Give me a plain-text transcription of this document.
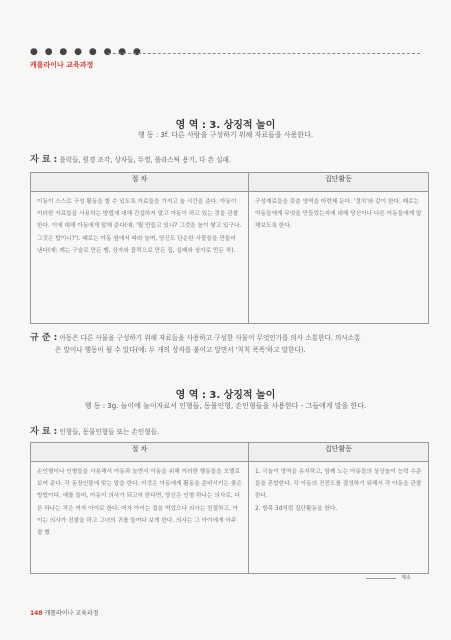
● ● ● ● ● ● ● ●
캐롤라이나 교육과정
영 역 : 3. 상징적 놀이
행 동 : 3f. 다른 사람을 구성하기 위해 자료들을 사용한다.
자 료 : 블럭들, 원경 조각, 상자들, 두껑, 플라스틱 용기, 다 쓴 실패.
절 차	집단활동
이동이 스스로 구성 활동을 할 수 있도록 자료들을 가지고 놀 시간을 준다. 아동이 이러한 자료들을 사용하는 방법에 대해 간섭하지 말고 아동이 하고 있는 것을 관찰한다. 이에 대해 아동에게 말해 준다(예: '뭘 만들고 있니? 그것을 높이 쌓고 있구나. 그것은 탑이니?'). 때로는 아동 옆에서 따라 놀며, 당신도 단순한 사물들을 만들어 낸다(예: 캐는 구슬로 만든 뱀, 상자와 블럭으로 만든 집, 실패와 상자로 만든 차).	구성재료들을 갖춘 영역을 마련해 둔다. '결치'와 같이 한다. 때로는 아동들에게 무엇을 만들었는지에 대해 당신이나 다른 아동들에게 말해보도록 한다.
규 준 : 아동은 다른 사물을 구성하기 위해 자료들을 사용하고 구성한 사물이 무엇인가를 의사 소통한다. 의사소통
은 말이나 행동이 될 수 있다(예: 두 개의 상자를 붙이고 앞면서 '칙칙 폭폭'하고 말한다).
영 역 : 3. 상징적 놀이
행 동 : 3g. 놀이에 놀이자료서 인형들, 동물인형, 손인형들을 사용한다 - 그들에게 말을 한다.
자 료 : 인형들, 동물인형들 또는 손인형들.
절 차	집단활동
손인형이나 인형들을 사용해서 아동과 놀면서 아동을 위해 이러한 행동들을 모델로 보여 준다. 각 동장인물에 맞는 말을 한다. 이것은 아동에게 활동을 준비시키는 좋은 방법이다. 예를 들어, 아동이 의사가 되고자 한다면, 당신은 인형 하나는 의사로, 다른 하나는 작은 여자 아이로 한다. 여자 아이는 집을 먹었으나 의사는 친절하고, 아이는 의사가 진찰을 하고 그녀의 귀를 들여다 보게 한다. 의사는 그 아이에게 아주 잘 했	1. 극놀이 영역을 유지하고, 함께 노는 아동들의 상상놀이 능력 수준들을 혼합한다. 각 아동의 진전도를 결정하기 위해서 각 아동을 관찰한다.
2. 항목 3d처럼 집단활동을 한다.
계속
148 캐롤라이나 교육과정
